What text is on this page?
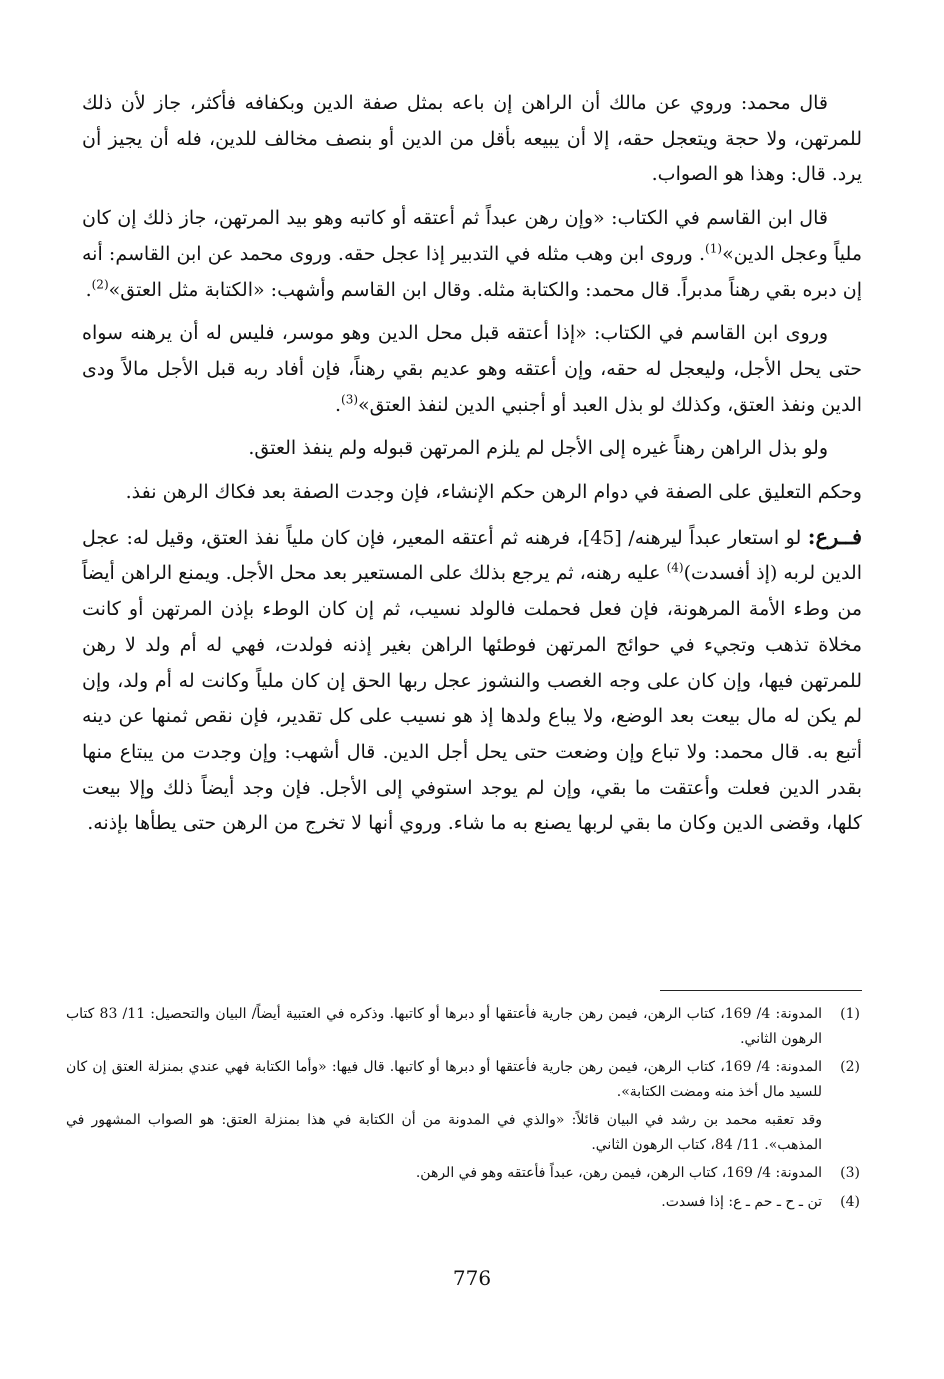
قال محمد: وروي عن مالك أن الراهن إن باعه بمثل صفة الدين وبكفافه فأكثر، جاز لأن ذلك للمرتهن، ولا حجة ويتعجل حقه، إلا أن يبيعه بأقل من الدين أو بنصف مخالف للدين، فله أن يجيز أن يرد. قال: وهذا هو الصواب.

قال ابن القاسم في الكتاب: «وإن رهن عبداً ثم أعتقه أو كاتبه وهو بيد المرتهن، جاز ذلك إن كان ملياً وعجل الدين»$^{(1)}$. وروى ابن وهب مثله في التدبير إذا عجل حقه. وروى محمد عن ابن القاسم: أنه إن دبره بقي رهناً مدبراً. قال محمد: والكتابة مثله. وقال ابن القاسم وأشهب: «الكتابة مثل العتق»$^{(2)}$.

وروى ابن القاسم في الكتاب: «إذا أعتقه قبل محل الدين وهو موسر، فليس له أن يرهنه سواه حتى يحل الأجل، وليعجل له حقه، وإن أعتقه وهو عديم بقي رهناً، فإن أفاد ربه قبل الأجل مالاً ودى الدين ونفذ العتق، وكذلك لو بذل العبد أو أجنبي الدين لنفذ العتق»$^{(3)}$.

ولو بذل الراهن رهناً غيره إلى الأجل لم يلزم المرتهن قبوله ولم ينفذ العتق.

وحكم التعليق على الصفة في دوام الرهن حكم الإنشاء، فإن وجدت الصفة بعد فكاك الرهن نفذ.

فــرع: لو استعار عبداً ليرهنه/ [45]، فرهنه ثم أعتقه المعير، فإن كان ملياً نفذ العتق، وقيل له: عجل الدين لربه (إذ أفسدت)$^{(4)}$ عليه رهنه، ثم يرجع بذلك على المستعير بعد محل الأجل. ويمنع الراهن أيضاً من وطء الأمة المرهونة، فإن فعل فحملت فالولد نسيب، ثم إن كان الوطء بإذن المرتهن أو كانت مخلاة تذهب وتجيء في حوائج المرتهن فوطئها الراهن بغير إذنه فولدت، فهي له أم ولد لا رهن للمرتهن فيها، وإن كان على وجه الغصب والنشوز عجل ربها الحق إن كان ملياً وكانت له أم ولد، وإن لم يكن له مال بيعت بعد الوضع، ولا يباع ولدها إذ هو نسيب على كل تقدير، فإن نقص ثمنها عن دينه أتبع به. قال محمد: ولا تباع وإن وضعت حتى يحل أجل الدين. قال أشهب: وإن وجدت من يبتاع منها بقدر الدين فعلت وأعتقت ما بقي، وإن لم يوجد استوفي إلى الأجل. فإن وجد أيضاً ذلك وإلا بيعت كلها، وقضى الدين وكان ما بقي لربها يصنع به ما شاء. وروي أنها لا تخرج من الرهن حتى يطأها بإذنه.

(1)
المدونة: 4/ 169، كتاب الرهن، فيمن رهن جارية فأعتقها أو دبرها أو كاتبها. وذكره في العتبية أيضاً/ البيان والتحصيل: 11/ 83 كتاب الرهون الثاني.
(2)
المدونة: 4/ 169، كتاب الرهن، فيمن رهن جارية فأعتقها أو دبرها أو كاتبها. قال فيها: «وأما الكتابة فهي عندي بمنزلة العتق إن كان للسيد مال أخذ منه ومضت الكتابة».
وقد تعقبه محمد بن رشد في البيان قائلاً: «والذي في المدونة من أن الكتابة في هذا بمنزلة العتق: هو الصواب المشهور في المذهب». 11/ 84، كتاب الرهون الثاني.
(3)
المدونة: 4/ 169، كتاب الرهن، فيمن رهن، عبداً فأعتقه وهو في الرهن.
(4)
تن ـ ح ـ حم ـ ع: إذا فسدت.
776
